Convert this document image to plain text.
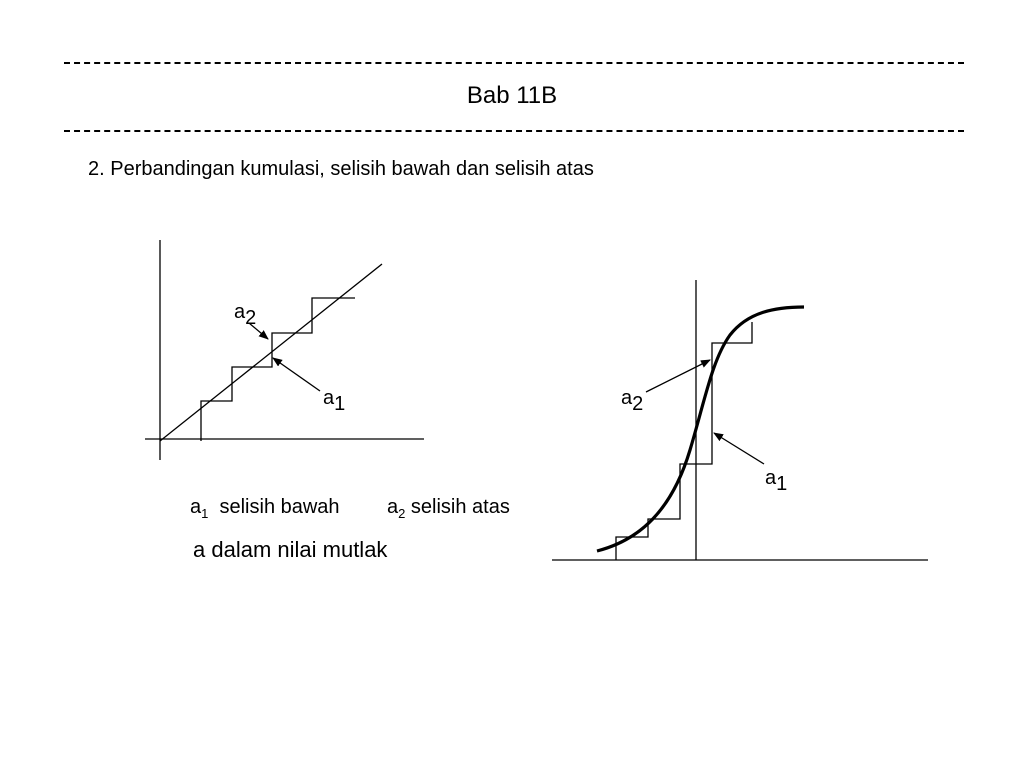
Bab 11B
2. Perbandingan kumulasi, selisih bawah dan selisih atas
a2
a1	a2
a1
$a_1$ selisih bawah $a_2$ selisih atas
a dalam nilai mutlak
